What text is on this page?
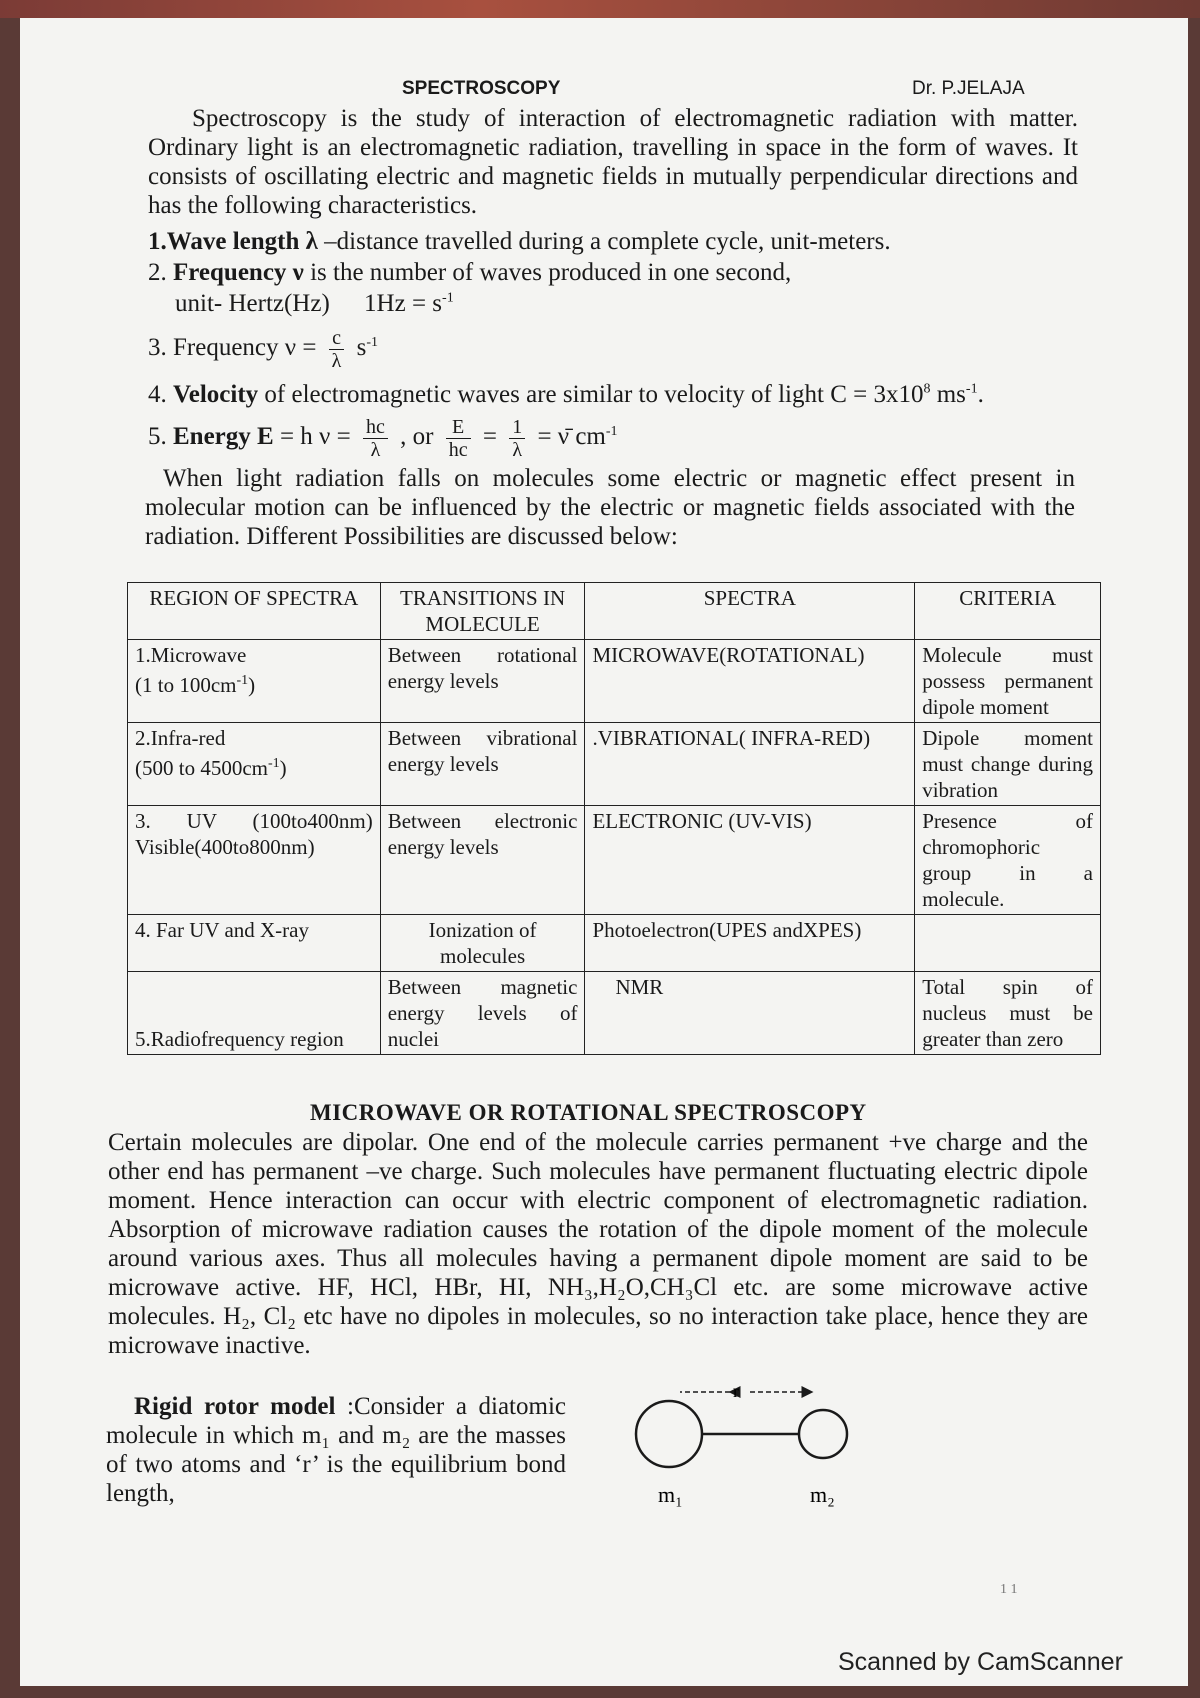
SPECTROSCOPY	Dr. P.JELAJA
Spectroscopy is the study of interaction of electromagnetic radiation with matter. Ordinary light is an electromagnetic radiation, travelling in space in the form of waves. It consists of oscillating electric and magnetic fields in mutually perpendicular directions and has the following characteristics.
1.Wave length λ –distance travelled during a complete cycle, unit-meters.
2. Frequency ν is the number of waves produced in one second,
unit- Hertz(Hz) $1Hz = s^{-1}$
3. Frequency $\nu = \frac{c}{\lambda} s^{-1}$
4. Velocity of electromagnetic waves are similar to velocity of light $C = 3x10^8$ $ms^{-1}$.
5. Energy E = h $\nu = \frac{hc}{\lambda}$ , or $\frac{E}{hc} = \frac{1}{\lambda}$ = ν̄ $cm^{-1}$
When light radiation falls on molecules some electric or magnetic effect present in molecular motion can be influenced by the electric or magnetic fields associated with the radiation. Different Possibilities are discussed below:
REGION OF SPECTRA	TRANSITIONS IN MOLECULE	SPECTRA	CRITERIA
1.Microwave
(1 to $100cm^{-1}$)	Between rotational energy levels	MICROWAVE(ROTATIONAL)	Molecule must possess permanent dipole moment
2.Infra-red
(500 to $4500cm^{-1}$)	Between vibrational energy levels	.VIBRATIONAL( INFRA-RED)	Dipole moment must change during vibration
3. UV (100to400nm) Visible(400to800nm)	Between electronic energy levels	ELECTRONIC (UV-VIS)	Presence of chromophoric group in a molecule.
4. Far UV and X-ray	Ionization of molecules	Photoelectron(UPES andXPES)	
5.Radiofrequency region	Between magnetic energy levels of nuclei	NMR	Total spin of nucleus must be greater than zero
MICROWAVE OR ROTATIONAL SPECTROSCOPY
Certain molecules are dipolar. One end of the molecule carries permanent +ve charge and the other end has permanent –ve charge. Such molecules have permanent fluctuating electric dipole moment. Hence interaction can occur with electric component of electromagnetic radiation. Absorption of microwave radiation causes the rotation of the dipole moment of the molecule around various axes. Thus all molecules having a permanent dipole moment are said to be microwave active. HF, HCl, HBr, HI, NH₃,H₂O,CH₃Cl etc. are some microwave active molecules. H₂, Cl₂ etc have no dipoles in molecules, so no interaction take place, hence they are microwave inactive.
Rigid rotor model :Consider a diatomic molecule in which m₁ and m₂ are the masses of two atoms and ‘r’ is the equilibrium bond length,
r
m₁	m₂
1 1
Scanned by CamScanner
